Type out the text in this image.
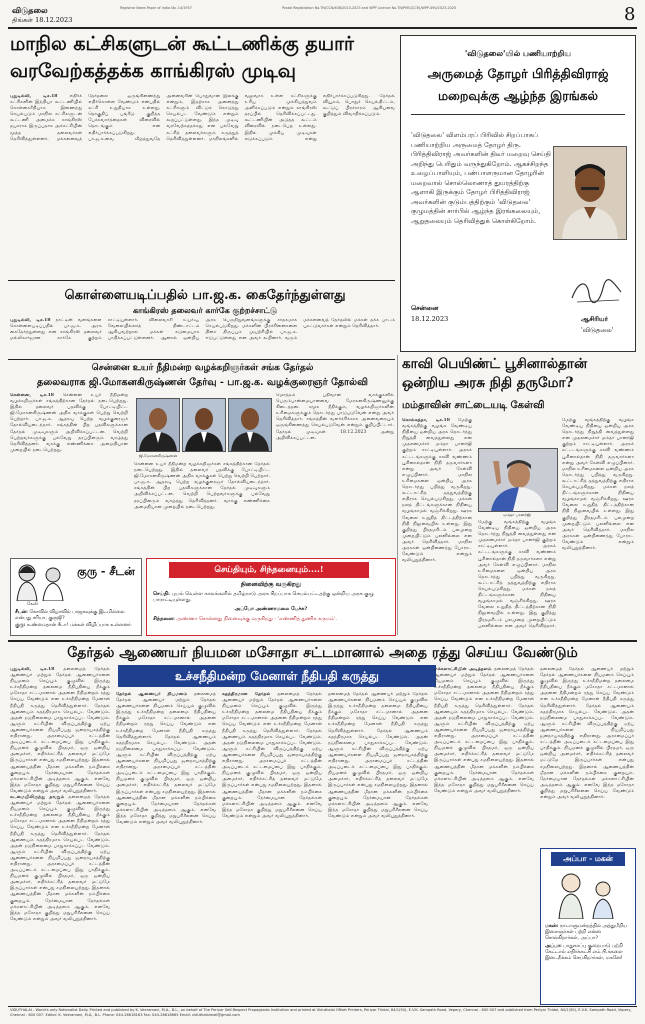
விடுதலை
திங்கள் 18.12.2023
Registrar News Paper of India No. 14/1957	Postal Registration No.TN/CCN/408/2023-2025 and WPP Licence No.TN/PMG(CCR)/WPP-490/2023-2025	8
மாநில கட்சிகளுடன் கூட்டணிக்கு தயார்
வரவேற்கத்தக்க காங்கிரஸ் முடிவு
புதுடில்லி, டிச.18	எதிர்க் கட்சிகளின் இந்தியா கூட்டணியில் கொள்கைரீதியாக இணைந்து செயல்படும் மாநில கட்சிகளுடன் கூட்டணி அமைக்க காங்கிரஸ் தயாராக இருப்பதாக அக்கட்சியின் மூத்த தலைவர்கள் தெரிவித்துள்ளனர். மக்களவைத் தேர்தலை ஒருங்கிணைந்து எதிர்கொள்ள வேண்டும் என்பதில் கட்சி உறுதியாக உள்ளது. தொகுதிப் பங்கீடு குறித்த பேச்சுவார்த்தைகள் விரைவில் தொடங்கும் என எதிர்பார்க்கப்படுகிறது. பா.ஜ.க.வை வீழ்த்துவதே அனைவரின் பொதுவான இலக்கு என்றும், இதற்காக அனைத்து கட்சிகளும் விட்டுக் கொடுத்து செயல்பட வேண்டும் என்றும் கூறப்பட்டுள்ளது. இந்த முடிவு வரவேற்கத்தக்கது என பல்வேறு கட்சித் தலைவர்களும் கருத்துத் தெரிவித்துள்ளனர். மாநிலங்களில் வலுவாக உள்ள கட்சிகளுக்கு உரிய முக்கியத்துவம் அளிக்கப்படும் என்றும் காங்கிரஸ் தரப்பில் தெரிவிக்கப்பட்டது. கூட்டணியின் அடுத்த கூட்டம் விரைவில் நடைபெற உள்ளது. இதில் முக்கிய முடிவுகள் எடுக்கப்படும் என்று எதிர்பார்க்கப்படுகிறது. தேர்தல் வியூகம், பொதுச் செயல்திட்டம், கூட்டுப் பிரச்சாரம் ஆகியவை குறித்தும் விவாதிக்கப்படும்.
'விடுதலை'யில் பணியாற்றிய
அருமைத் தோழர் பிரித்திவிராஜ்
மறைவுக்கு ஆழ்ந்த இரங்கல்
'விடுதலை' விளம்பரப் பிரிவில் சிறப்பாகப் பணியாற்றிய அருமைத் தோழர் திரு. பிரித்திவிராஜ் அவர்களின் திடீர் மறைவு செய்தி அறிந்து பெரிதும் வருந்துகிறோம். ஆகச்சிறந்த உழைப்பாளியும், பண்பாளருமான தோழரின் மறைவால் சொல்லொணாத் துயரத்திற்கு ஆளாகி இருக்கும் தோழர் பிரித்திவிராஜ் அவர்களின் குடும்பத்திற்கும் 'விடுதலை' குழுமத்தின் சார்பில் ஆழ்ந்த இரங்கலையும், ஆறுதலையும் தெரிவித்துக் கொள்கிறோம்.
சென்னை
18.12.2023	ஆசிரியர்
'விடுதலை'
கொள்ளையடிப்பதில் பா.ஜ.க. கைதேர்ந்துள்ளது
காங்கிரஸ் தலைவர் கார்கே குற்றச்சாட்டு
புதுடில்லி, டிச.18 நாட்டின் வளங்களை கொள்ளையடிப்பதில் பா.ஜ.க. அரசு கைதேர்ந்துள்ளது என காங்கிரஸ் தலைவர் மல்லிகார்ஜுன கார்கே குற்றம் சாட்டியுள்ளார். விலைவாசி உயர்வு, வேலையில்லாத் திண்டாட்டம் ஆகியவற்றால் மக்கள் கடுமையாக பாதிக்கப்பட்டுள்ளனர். ஆனால் ஒன்றிய அரசு பெருநிறுவனங்களுக்கு சாதகமாக செயல்படுகிறது. மக்களின் பிரச்சினைகளை திசை திருப்பும் முயற்சியில் பா.ஜ.க. ஈடுபட்டுள்ளது என அவர் கூறினார். வரும் மக்களவைத் தேர்தலில் மக்கள் தக்க பாடம் புகட்டுவார்கள் என்றும் தெரிவித்தார்.
சென்னை உயர் நீதிமன்ற வழக்கறிஞர்கள் சங்க தேர்தல்
தலைவராக ஜி.மோகனகிருஷ்ணன் தேர்வு - பா.ஜ.க. வழக்குரைஞர் தோல்வி
சென்னை, டிச.18 சென்னை உயர் நீதிமன்ற வழக்கறிஞர்கள் சங்கத்திற்கான தேர்தல் நடைபெற்றது. இதில் தலைவர் பதவிக்கு போட்டியிட்ட ஜி.மோகனகிருஷ்ணன் அதிக வாக்குகள் பெற்று வெற்றி பெற்றார். பா.ஜ.க. ஆதரவு பெற்ற வழக்குரைஞர் தோல்வியடைந்தார். சங்கத்தின் பிற பதவிகளுக்கான தேர்தல் முடிவுகளும் அறிவிக்கப்பட்டன. வெற்றி பெற்றவர்களுக்கு பல்வேறு தரப்பினரும் வாழ்த்து தெரிவித்தனர். வாக்கு எண்ணிக்கை அமைதியான முறையில் நடைபெற்றது.
ஜி.மோகனகிருஷ்ணன்
சென்னை உயர் நீதிமன்ற வழக்கறிஞர்கள் சங்கத்திற்கான தேர்தல் நடைபெற்றது. இதில் தலைவர் பதவிக்கு போட்டியிட்ட ஜி.மோகனகிருஷ்ணன் அதிக வாக்குகள் பெற்று வெற்றி பெற்றார். பா.ஜ.க. ஆதரவு பெற்ற வழக்குரைஞர் தோல்வியடைந்தார். சங்கத்தின் பிற பதவிகளுக்கான தேர்தல் முடிவுகளும் அறிவிக்கப்பட்டன. வெற்றி பெற்றவர்களுக்கு பல்வேறு தரப்பினரும் வாழ்த்து தெரிவித்தனர். வாக்கு எண்ணிக்கை அமைதியான முறையில் நடைபெற்றது.
மொத்தம் பதிவான வாக்குகளில் பெரும்பான்மையானவை மோகனகிருஷ்ணனுக்கு கிடைத்தன. சமூக நீதிக்கும், வழக்கறிஞர்களின் உரிமைகளுக்கும் தொடர்ந்து பாடுபடுவேன் என்று அவர் தெரிவித்தார். சங்கத்தின் வளர்ச்சிக்காக அனைவரையும் ஒருங்கிணைத்து செயல்படுவேன் என்றும் குறிப்பிட்டார். தேர்தல் முடிவுகள் 18.12.2023 அன்று அறிவிக்கப்பட்டன.
காவி பெயிண்ட் பூசினால்தான்
ஒன்றிய அரசு நிதி தருமோ?
மம்தாவின் சாட்டையடி கேள்வி
கொல்கத்தா, டிச.18 மேற்கு வங்கத்திற்கு வழங்க வேண்டிய நிதியை ஒன்றிய அரசு தொடர்ந்து நிறுத்தி வைத்துள்ளது என முதலமைச்சர் மம்தா பானர்ஜி குற்றம் சாட்டியுள்ளார். அரசுக் கட்டடங்களுக்கு காவி வண்ணம் பூசினால்தான் நிதி தருவார்களா என்று அவர் கேள்வி எழுப்பினார். மாநில உரிமைகளை ஒன்றிய அரசு தொடர்ந்து பறித்து வருகிறது. கூட்டாட்சித் தத்துவத்திற்கு எதிராக செயல்படுகிறது. மக்கள் நலத் திட்டங்களுக்கான நிதியை வழங்காமல் வஞ்சிக்கிறது. ஊரக வேலை உறுதித் திட்டத்திற்கான நிதி நிலுவையில் உள்ளது. இது குறித்து பிரதமரிடம் பலமுறை முறையிட்டும் பலனில்லை என அவர் தெரிவித்தார். மாநில அரசுகள் ஒன்றிணைந்து போராட வேண்டும் என்றும் வலியுறுத்தினார்.
மம்தா பானர்ஜி
மேற்கு வங்கத்திற்கு வழங்க வேண்டிய நிதியை ஒன்றிய அரசு தொடர்ந்து நிறுத்தி வைத்துள்ளது என முதலமைச்சர் மம்தா பானர்ஜி குற்றம் சாட்டியுள்ளார். அரசுக் கட்டடங்களுக்கு காவி வண்ணம் பூசினால்தான் நிதி தருவார்களா என்று அவர் கேள்வி எழுப்பினார். மாநில உரிமைகளை ஒன்றிய அரசு தொடர்ந்து பறித்து வருகிறது. கூட்டாட்சித் தத்துவத்திற்கு எதிராக செயல்படுகிறது. மக்கள் நலத் திட்டங்களுக்கான நிதியை வழங்காமல் வஞ்சிக்கிறது. ஊரக வேலை உறுதித் திட்டத்திற்கான நிதி நிலுவையில் உள்ளது. இது குறித்து பிரதமரிடம் பலமுறை முறையிட்டும் பலனில்லை என அவர் தெரிவித்தார்.
மேற்கு வங்கத்திற்கு வழங்க வேண்டிய நிதியை ஒன்றிய அரசு தொடர்ந்து நிறுத்தி வைத்துள்ளது என முதலமைச்சர் மம்தா பானர்ஜி குற்றம் சாட்டியுள்ளார். அரசுக் கட்டடங்களுக்கு காவி வண்ணம் பூசினால்தான் நிதி தருவார்களா என்று அவர் கேள்வி எழுப்பினார். மாநில உரிமைகளை ஒன்றிய அரசு தொடர்ந்து பறித்து வருகிறது. கூட்டாட்சித் தத்துவத்திற்கு எதிராக செயல்படுகிறது. மக்கள் நலத் திட்டங்களுக்கான நிதியை வழங்காமல் வஞ்சிக்கிறது. ஊரக வேலை உறுதித் திட்டத்திற்கான நிதி நிலுவையில் உள்ளது. இது குறித்து பிரதமரிடம் பலமுறை முறையிட்டும் பலனில்லை என அவர் தெரிவித்தார். மாநில அரசுகள் ஒன்றிணைந்து போராட வேண்டும் என்றும் வலியுறுத்தினார்.
குரு - சீடன்
கேலி
சீடன்: கோவில் விழாவில் பாஜகவுக்கு இடமில்லை என்பது சரியா, குருஜி?
குரு: உண்மைதான் சீடா! மக்கள் விழிப்பாக உள்ளனர்.
செய்தியும், சிந்தனையும்....!
நினைவிற்கு வருகிறது
செய்தி: புயல் வெள்ள காலங்களில் தமிழ்நாடு அரசு சிறப்பாக செயல்பட்டதற்கு ஒன்றிய அரசு குழு பாராட்டியுள்ளது.
அப்போ அண்ணாமலை பேச்சு?
சிந்தனை: அண்ணா சொன்னது நினைவுக்கு வருகிறது - 'எண்ணித் துணிக கருமம்'.
தேர்தல் ஆணையர் நியமன மசோதா சட்டமானால் அதை ரத்து செய்ய வேண்டும்
உச்சநீதிமன்ற மேனாள் நீதிபதி கருத்து
புதுடில்லி, டிச.18 தலைமைத் தேர்தல் ஆணையர் மற்றும் தேர்தல் ஆணையர்களை நியமனம் செய்யும் குழுவில் இருந்து உச்சநீதிமன்ற தலைமை நீதிபதியை நீக்கும் மசோதா சட்டமானால் அதனை நீதிமன்றம் ரத்து செய்ய வேண்டும் என உச்சநீதிமன்ற மேனாள் நீதிபதி கருத்து தெரிவித்துள்ளார். தேர்தல் ஆணையம் சுதந்திரமாக செயல்பட வேண்டும். அதன் நடுநிலைமை பாதுகாக்கப்பட வேண்டும். ஆளும் கட்சியின் விருப்பத்திற்கு ஏற்ப ஆணையர்களை நியமிப்பது ஜனநாயகத்திற்கு எதிரானது. அரசமைப்புச் சட்டத்தின் அடிப்படைக் கட்டமைப்பை இது பாதிக்கும். நியமனக் குழுவில் பிரதமர், ஒரு ஒன்றிய அமைச்சர், எதிர்க்கட்சித் தலைவர் மட்டுமே இருப்பார்கள் என்பது சமநிலையற்றது. இதனால் ஆணையத்தின் மீதான மக்களின் நம்பிக்கை குறையும். நேர்மையான தேர்தல்கள் மக்களாட்சியின் அடித்தளம் ஆகும். எனவே இந்த மசோதா குறித்து மறுபரிசீலனை செய்ய வேண்டும் என்றும் அவர் வலியுறுத்தினார்.
கடமையிலிருந்து தவறும் தலைமைத் தேர்தல் ஆணையர் மற்றும் தேர்தல் ஆணையர்களை நியமனம் செய்யும் குழுவில் இருந்து உச்சநீதிமன்ற தலைமை நீதிபதியை நீக்கும் மசோதா சட்டமானால் அதனை நீதிமன்றம் ரத்து செய்ய வேண்டும் என உச்சநீதிமன்ற மேனாள் நீதிபதி கருத்து தெரிவித்துள்ளார். தேர்தல் ஆணையம் சுதந்திரமாக செயல்பட வேண்டும். அதன் நடுநிலைமை பாதுகாக்கப்பட வேண்டும். ஆளும் கட்சியின் விருப்பத்திற்கு ஏற்ப ஆணையர்களை நியமிப்பது ஜனநாயகத்திற்கு எதிரானது. அரசமைப்புச் சட்டத்தின் அடிப்படைக் கட்டமைப்பை இது பாதிக்கும். நியமனக் குழுவில் பிரதமர், ஒரு ஒன்றிய அமைச்சர், எதிர்க்கட்சித் தலைவர் மட்டுமே இருப்பார்கள் என்பது சமநிலையற்றது. இதனால் ஆணையத்தின் மீதான மக்களின் நம்பிக்கை குறையும். நேர்மையான தேர்தல்கள் மக்களாட்சியின் அடித்தளம் ஆகும். எனவே இந்த மசோதா குறித்து மறுபரிசீலனை செய்ய வேண்டும் என்றும் அவர் வலியுறுத்தினார்.
தேர்தல் ஆணையர் நியமனம் தலைமைத் தேர்தல் ஆணையர் மற்றும் தேர்தல் ஆணையர்களை நியமனம் செய்யும் குழுவில் இருந்து உச்சநீதிமன்ற தலைமை நீதிபதியை நீக்கும் மசோதா சட்டமானால் அதனை நீதிமன்றம் ரத்து செய்ய வேண்டும் என உச்சநீதிமன்ற மேனாள் நீதிபதி கருத்து தெரிவித்துள்ளார். தேர்தல் ஆணையம் சுதந்திரமாக செயல்பட வேண்டும். அதன் நடுநிலைமை பாதுகாக்கப்பட வேண்டும். ஆளும் கட்சியின் விருப்பத்திற்கு ஏற்ப ஆணையர்களை நியமிப்பது ஜனநாயகத்திற்கு எதிரானது. அரசமைப்புச் சட்டத்தின் அடிப்படைக் கட்டமைப்பை இது பாதிக்கும். நியமனக் குழுவில் பிரதமர், ஒரு ஒன்றிய அமைச்சர், எதிர்க்கட்சித் தலைவர் மட்டுமே இருப்பார்கள் என்பது சமநிலையற்றது. இதனால் ஆணையத்தின் மீதான மக்களின் நம்பிக்கை குறையும். நேர்மையான தேர்தல்கள் மக்களாட்சியின் அடித்தளம் ஆகும். எனவே இந்த மசோதா குறித்து மறுபரிசீலனை செய்ய வேண்டும் என்றும் அவர் வலியுறுத்தினார்.
சுதந்திரமான தேர்தல் தலைமைத் தேர்தல் ஆணையர் மற்றும் தேர்தல் ஆணையர்களை நியமனம் செய்யும் குழுவில் இருந்து உச்சநீதிமன்ற தலைமை நீதிபதியை நீக்கும் மசோதா சட்டமானால் அதனை நீதிமன்றம் ரத்து செய்ய வேண்டும் என உச்சநீதிமன்ற மேனாள் நீதிபதி கருத்து தெரிவித்துள்ளார். தேர்தல் ஆணையம் சுதந்திரமாக செயல்பட வேண்டும். அதன் நடுநிலைமை பாதுகாக்கப்பட வேண்டும். ஆளும் கட்சியின் விருப்பத்திற்கு ஏற்ப ஆணையர்களை நியமிப்பது ஜனநாயகத்திற்கு எதிரானது. அரசமைப்புச் சட்டத்தின் அடிப்படைக் கட்டமைப்பை இது பாதிக்கும். நியமனக் குழுவில் பிரதமர், ஒரு ஒன்றிய அமைச்சர், எதிர்க்கட்சித் தலைவர் மட்டுமே இருப்பார்கள் என்பது சமநிலையற்றது. இதனால் ஆணையத்தின் மீதான மக்களின் நம்பிக்கை குறையும். நேர்மையான தேர்தல்கள் மக்களாட்சியின் அடித்தளம் ஆகும். எனவே இந்த மசோதா குறித்து மறுபரிசீலனை செய்ய வேண்டும் என்றும் அவர் வலியுறுத்தினார்.
தலைமைத் தேர்தல் ஆணையர் மற்றும் தேர்தல் ஆணையர்களை நியமனம் செய்யும் குழுவில் இருந்து உச்சநீதிமன்ற தலைமை நீதிபதியை நீக்கும் மசோதா சட்டமானால் அதனை நீதிமன்றம் ரத்து செய்ய வேண்டும் என உச்சநீதிமன்ற மேனாள் நீதிபதி கருத்து தெரிவித்துள்ளார். தேர்தல் ஆணையம் சுதந்திரமாக செயல்பட வேண்டும். அதன் நடுநிலைமை பாதுகாக்கப்பட வேண்டும். ஆளும் கட்சியின் விருப்பத்திற்கு ஏற்ப ஆணையர்களை நியமிப்பது ஜனநாயகத்திற்கு எதிரானது. அரசமைப்புச் சட்டத்தின் அடிப்படைக் கட்டமைப்பை இது பாதிக்கும். நியமனக் குழுவில் பிரதமர், ஒரு ஒன்றிய அமைச்சர், எதிர்க்கட்சித் தலைவர் மட்டுமே இருப்பார்கள் என்பது சமநிலையற்றது. இதனால் ஆணையத்தின் மீதான மக்களின் நம்பிக்கை குறையும். நேர்மையான தேர்தல்கள் மக்களாட்சியின் அடித்தளம் ஆகும். எனவே இந்த மசோதா குறித்து மறுபரிசீலனை செய்ய வேண்டும் என்றும் அவர் வலியுறுத்தினார்.
மக்களாட்சியின் அடித்தளம் தலைமைத் தேர்தல் ஆணையர் மற்றும் தேர்தல் ஆணையர்களை நியமனம் செய்யும் குழுவில் இருந்து உச்சநீதிமன்ற தலைமை நீதிபதியை நீக்கும் மசோதா சட்டமானால் அதனை நீதிமன்றம் ரத்து செய்ய வேண்டும் என உச்சநீதிமன்ற மேனாள் நீதிபதி கருத்து தெரிவித்துள்ளார். தேர்தல் ஆணையம் சுதந்திரமாக செயல்பட வேண்டும். அதன் நடுநிலைமை பாதுகாக்கப்பட வேண்டும். ஆளும் கட்சியின் விருப்பத்திற்கு ஏற்ப ஆணையர்களை நியமிப்பது ஜனநாயகத்திற்கு எதிரானது. அரசமைப்புச் சட்டத்தின் அடிப்படைக் கட்டமைப்பை இது பாதிக்கும். நியமனக் குழுவில் பிரதமர், ஒரு ஒன்றிய அமைச்சர், எதிர்க்கட்சித் தலைவர் மட்டுமே இருப்பார்கள் என்பது சமநிலையற்றது. இதனால் ஆணையத்தின் மீதான மக்களின் நம்பிக்கை குறையும். நேர்மையான தேர்தல்கள் மக்களாட்சியின் அடித்தளம் ஆகும். எனவே இந்த மசோதா குறித்து மறுபரிசீலனை செய்ய வேண்டும் என்றும் அவர் வலியுறுத்தினார்.
தலைமைத் தேர்தல் ஆணையர் மற்றும் தேர்தல் ஆணையர்களை நியமனம் செய்யும் குழுவில் இருந்து உச்சநீதிமன்ற தலைமை நீதிபதியை நீக்கும் மசோதா சட்டமானால் அதனை நீதிமன்றம் ரத்து செய்ய வேண்டும் என உச்சநீதிமன்ற மேனாள் நீதிபதி கருத்து தெரிவித்துள்ளார். தேர்தல் ஆணையம் சுதந்திரமாக செயல்பட வேண்டும். அதன் நடுநிலைமை பாதுகாக்கப்பட வேண்டும். ஆளும் கட்சியின் விருப்பத்திற்கு ஏற்ப ஆணையர்களை நியமிப்பது ஜனநாயகத்திற்கு எதிரானது. அரசமைப்புச் சட்டத்தின் அடிப்படைக் கட்டமைப்பை இது பாதிக்கும். நியமனக் குழுவில் பிரதமர், ஒரு ஒன்றிய அமைச்சர், எதிர்க்கட்சித் தலைவர் மட்டுமே இருப்பார்கள் என்பது சமநிலையற்றது. இதனால் ஆணையத்தின் மீதான மக்களின் நம்பிக்கை குறையும். நேர்மையான தேர்தல்கள் மக்களாட்சியின் அடித்தளம் ஆகும். எனவே இந்த மசோதா குறித்து மறுபரிசீலனை செய்ய வேண்டும் என்றும் அவர் வலியுறுத்தினார்.
அப்பா - மகன்
மகன்: நாடாளுமன்றத்தில் அத்துமீறிய இளைஞர்கள் பற்றி என்ன சொல்கிறார்கள், அப்பா?
அப்பா: பாதுகாப்பு குறைபாடு பற்றி கேட்டால் எதிர்க்கட்சி எம்.பி.க்களை இடைநீக்கம் செய்கிறார்கள், மகனே!
VIDUTHALAI - World's only Rationalist Daily. Printed and published by K. Veeramani, M.A., B.L., on behalf of The Periyar Self-Respect Propaganda Institution and printed at Viduthalai Offset Printers, Periyar Thidal, 84/1(50), E.V.K. Sampath Road, Vepery, Chennai - 600 007 and published from Periyar Thidal, 84/1(50), E.V.K. Sampath Road, Vepery, Chennai - 600 007. Editor: K. Veeramani, M.A., B.L. Phone: 044-26618163 Fax: 044-26618665 Email: viduthalaimail@gmail.com
